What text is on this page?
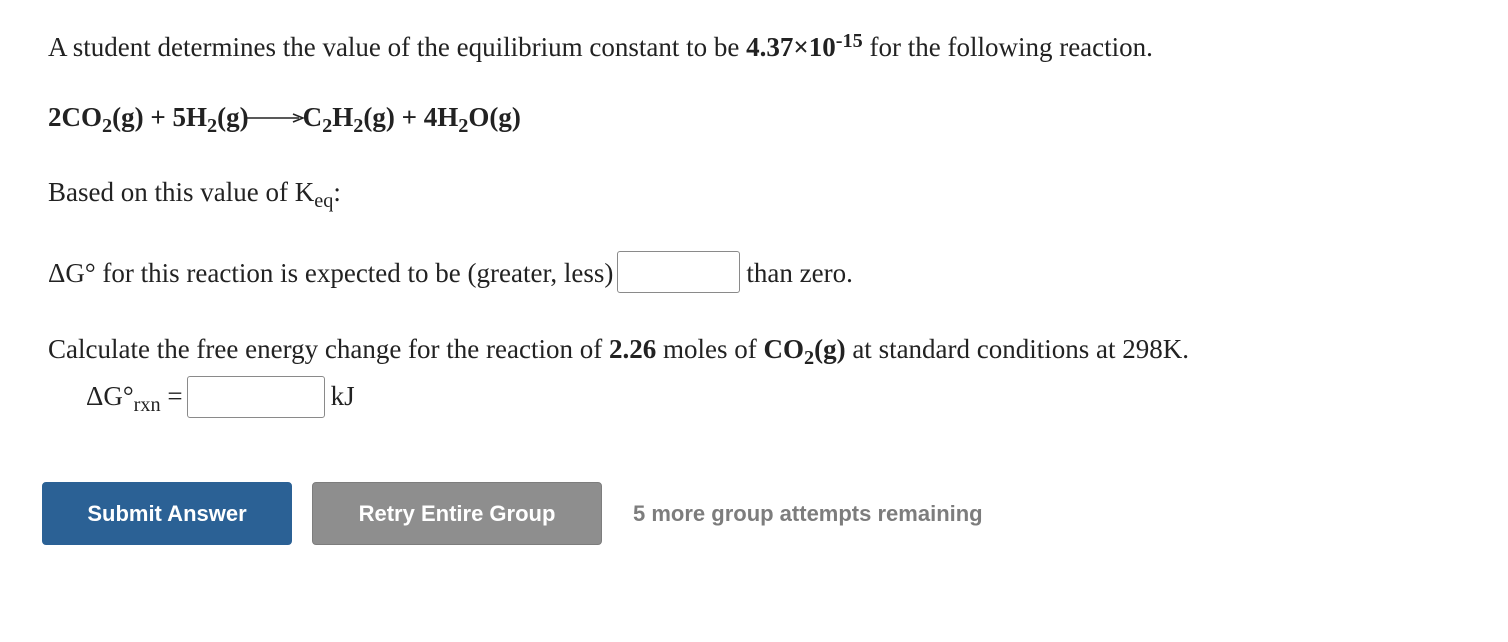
A student determines the value of the equilibrium constant to be $4.37\times 10^{-15}$ for the following reaction.
$2CO_2(g) + 5H_2(g) C_2H_2(g) + 4H_2O(g)$
Based on this value of $K_{eq}$:
ΔG° for this reaction is expected to be (greater, less)	than zero.
Calculate the free energy change for the reaction of 2.26 moles of $CO_2(g)$ at standard conditions at 298K.
$\Delta G^\circ_{rxn}$ =	kJ
Submit Answer	Retry Entire Group	5 more group attempts remaining
